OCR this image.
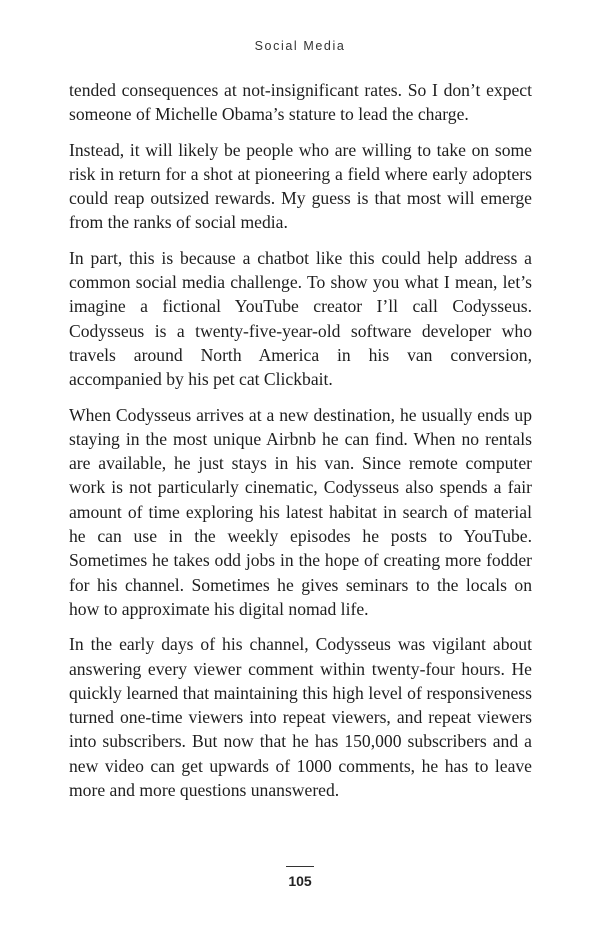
Social Media

tended consequences at not-insignificant rates. So I don’t expect someone of Michelle Obama’s stature to lead the charge.

Instead, it will likely be people who are willing to take on some risk in return for a shot at pioneering a field where early adopters could reap outsized rewards. My guess is that most will emerge from the ranks of social media.

In part, this is because a chatbot like this could help address a common social media challenge. To show you what I mean, let’s imagine a fictional YouTube creator I’ll call Codysseus. Codysseus is a twenty-five-year-old software developer who travels around North America in his van conversion, accompanied by his pet cat Clickbait.

When Codysseus arrives at a new destination, he usually ends up staying in the most unique Airbnb he can find. When no rentals are available, he just stays in his van. Since remote computer work is not particularly cinematic, Codysseus also spends a fair amount of time exploring his latest habitat in search of material he can use in the weekly episodes he posts to YouTube. Sometimes he takes odd jobs in the hope of creating more fodder for his channel. Sometimes he gives seminars to the locals on how to approximate his digital nomad life.

In the early days of his channel, Codysseus was vigilant about answering every viewer comment within twenty-four hours. He quickly learned that maintaining this high level of responsiveness turned one-time viewers into repeat viewers, and repeat viewers into subscribers. But now that he has 150,000 subscribers and a new video can get upwards of 1000 comments, he has to leave more and more questions unanswered.

105
